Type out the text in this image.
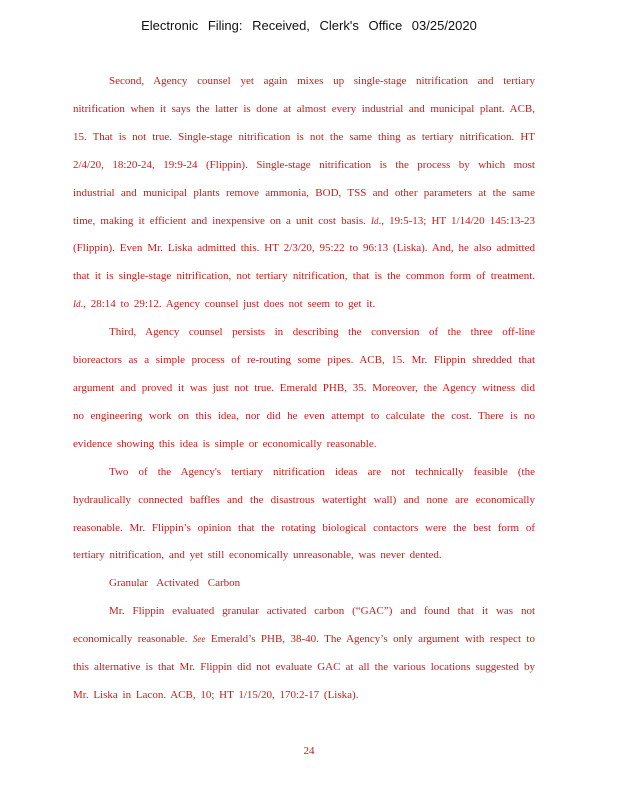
Electronic Filing: Received, Clerk's Office 03/25/2020

Second, Agency counsel yet again mixes up single-stage nitrification and tertiary nitrification when it says the latter is done at almost every industrial and municipal plant. ACB, 15. That is not true. Single-stage nitrification is not the same thing as tertiary nitrification. HT 2/4/20, 18:20-24, 19:9-24 (Flippin). Single-stage nitrification is the process by which most industrial and municipal plants remove ammonia, BOD, TSS and other parameters at the same time, making it efficient and inexpensive on a unit cost basis. Id., 19:5-13; HT 1/14/20 145:13-23 (Flippin). Even Mr. Liska admitted this. HT 2/3/20, 95:22 to 96:13 (Liska). And, he also admitted that it is single-stage nitrification, not tertiary nitrification, that is the common form of treatment. Id., 28:14 to 29:12. Agency counsel just does not seem to get it.

Third, Agency counsel persists in describing the conversion of the three off-line bioreactors as a simple process of re-routing some pipes. ACB, 15. Mr. Flippin shredded that argument and proved it was just not true. Emerald PHB, 35. Moreover, the Agency witness did no engineering work on this idea, nor did he even attempt to calculate the cost. There is no evidence showing this idea is simple or economically reasonable.

Two of the Agency's tertiary nitrification ideas are not technically feasible (the hydraulically connected baffles and the disastrous watertight wall) and none are economically reasonable. Mr. Flippin’s opinion that the rotating biological contactors were the best form of tertiary nitrification, and yet still economically unreasonable, was never dented.

Granular Activated Carbon

Mr. Flippin evaluated granular activated carbon (“GAC”) and found that it was not economically reasonable. See Emerald’s PHB, 38-40. The Agency’s only argument with respect to this alternative is that Mr. Flippin did not evaluate GAC at all the various locations suggested by Mr. Liska in Lacon. ACB, 10; HT 1/15/20, 170:2-17 (Liska).

24
